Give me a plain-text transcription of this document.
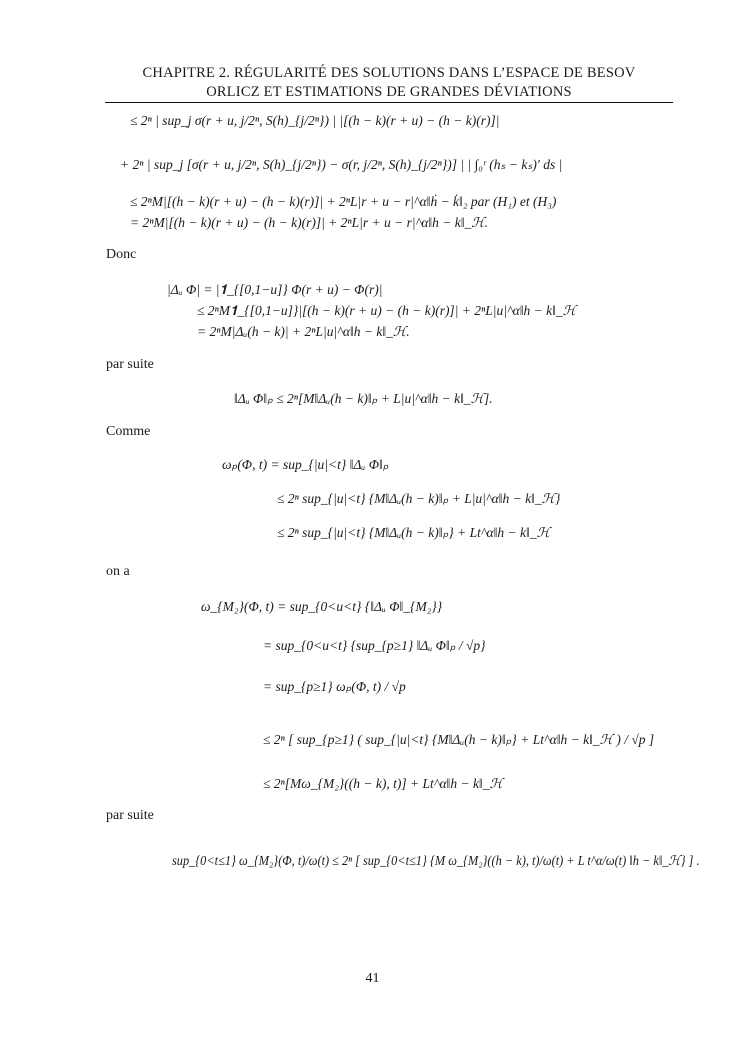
CHAPITRE 2. RÉGULARITÉ DES SOLUTIONS DANS L’ESPACE DE BESOV
ORLICZ ET ESTIMATIONS DE GRANDES DÉVIATIONS
≤ 2ⁿ | sup_j σ(r + u, j/2ⁿ, S(h)_{j/2ⁿ}) | |[(h − k)(r + u) − (h − k)(r)]|
+ 2ⁿ | sup_j [σ(r + u, j/2ⁿ, S(h)_{j/2ⁿ}) − σ(r, j/2ⁿ, S(h)_{j/2ⁿ})] | | ∫₀ʳ (hₛ − kₛ)′ ds |
≤ 2ⁿM|[(h − k)(r + u) − (h − k)(r)]| + 2ⁿL|r + u − r|^α‖ḣ − k̇‖₂ par (H₁) et (H₃)
= 2ⁿM|[(h − k)(r + u) − (h − k)(r)]| + 2ⁿL|r + u − r|^α‖h − k‖_ℋ.
Donc
|Δᵤ Φ| = |𝟏_{[0,1−u]} Φ(r + u) − Φ(r)|
≤ 2ⁿM𝟏_{[0,1−u]}|[(h − k)(r + u) − (h − k)(r)]| + 2ⁿL|u|^α‖h − k‖_ℋ
= 2ⁿM|Δᵤ(h − k)| + 2ⁿL|u|^α‖h − k‖_ℋ.
par suite
‖Δᵤ Φ‖ₚ ≤ 2ⁿ[M‖Δᵤ(h − k)‖ₚ + L|u|^α‖h − k‖_ℋ].
Comme
ωₚ(Φ, t) = sup_{|u|<t} ‖Δᵤ Φ‖ₚ
≤ 2ⁿ sup_{|u|<t} {M‖Δᵤ(h − k)‖ₚ + L|u|^α‖h − k‖_ℋ}
≤ 2ⁿ sup_{|u|<t} {M‖Δᵤ(h − k)‖ₚ} + Lt^α‖h − k‖_ℋ
on a
ω_{M₂}(Φ, t) = sup_{0<u<t} {‖Δᵤ Φ‖_{M₂}}
= sup_{0<u<t} {sup_{p≥1} ‖Δᵤ Φ‖ₚ / √p}
= sup_{p≥1} ωₚ(Φ, t) / √p
≤ 2ⁿ [ sup_{p≥1} ( sup_{|u|<t} {M‖Δᵤ(h − k)‖ₚ} + Lt^α‖h − k‖_ℋ ) / √p ]
≤ 2ⁿ[Mω_{M₂}((h − k), t)] + Lt^α‖h − k‖_ℋ
par suite
sup_{0<t≤1} ω_{M₂}(Φ, t)/ω(t) ≤ 2ⁿ [ sup_{0<t≤1} {M ω_{M₂}((h − k), t)/ω(t) + L t^α/ω(t) ‖h − k‖_ℋ} ] .
41
